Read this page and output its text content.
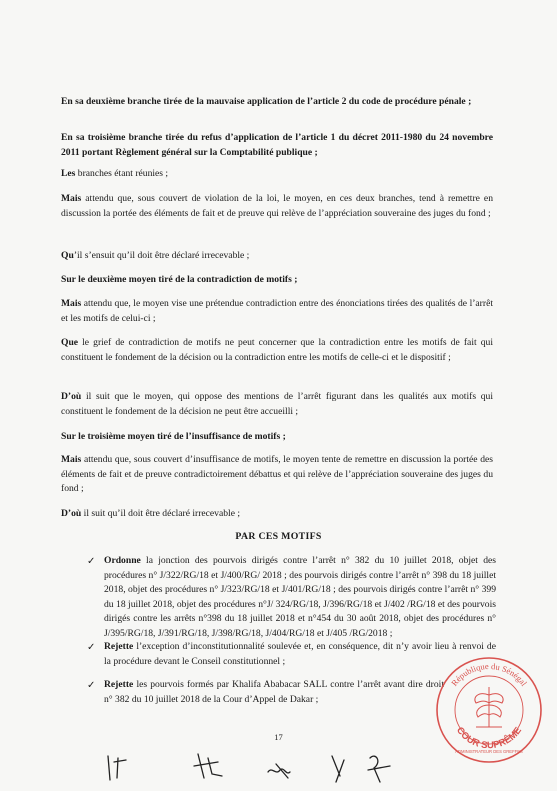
En sa deuxième branche tirée de la mauvaise application de l’article 2 du code de procédure pénale ;

En sa troisième branche tirée du refus d’application de l’article 1 du décret 2011-1980 du 24 novembre 2011 portant Règlement général sur la Comptabilité publique ;

Les branches étant réunies ;

Mais attendu que, sous couvert de violation de la loi, le moyen, en ces deux branches, tend à remettre en discussion la portée des éléments de fait et de preuve qui relève de l’appréciation souveraine des juges du fond ;

Qu’il s’ensuit qu’il doit être déclaré irrecevable ;

Sur le deuxième moyen tiré de la contradiction de motifs ;

Mais attendu que, le moyen vise une prétendue contradiction entre des énonciations tirées des qualités de l’arrêt et les motifs de celui-ci ;

Que le grief de contradiction de motifs ne peut concerner que la contradiction entre les motifs de fait qui constituent le fondement de la décision ou la contradiction entre les motifs de celle-ci et le dispositif ;

D’où il suit que le moyen, qui oppose des mentions de l’arrêt figurant dans les qualités aux motifs qui constituent le fondement de la décision ne peut être accueilli ;

Sur le troisième moyen tiré de l’insuffisance de motifs ;

Mais attendu que, sous couvert d’insuffisance de motifs, le moyen tente de remettre en discussion la portée des éléments de fait et de preuve contradictoirement débattus et qui relève de l’appréciation souveraine des juges du fond ;

D’où il suit qu’il doit être déclaré irrecevable ;

PAR CES MOTIFS
✓ Ordonne la jonction des pourvois dirigés contre l’arrêt n° 382 du 10 juillet 2018, objet des procédures n° J/322/RG/18 et J/400/RG/ 2018 ; des pourvois dirigés contre l’arrêt n° 398 du 18 juillet 2018, objet des procédures n° J/323/RG/18 et J/401/RG/18 ; des pourvois dirigés contre l’arrêt n° 399 du 18 juillet 2018, objet des procédures n°J/ 324/RG/18, J/396/RG/18 et J/402 /RG/18 et des pourvois dirigés contre les arrêts n°398 du 18 juillet 2018 et n°454 du 30 août 2018, objet des procédures n° J/395/RG/18, J/391/RG/18, J/398/RG/18, J/404/RG/18 et J/405 /RG/2018 ;

✓ Rejette l’exception d’inconstitutionnalité soulevée et, en conséquence, dit n’y avoir lieu à renvoi de la procédure devant le Conseil constitutionnel ;

✓ Rejette les pourvois formés par Khalifa Ababacar SALL contre l’arrêt avant dire droit n° 382 du 10 juillet 2018 de la Cour d’Appel de Dakar ;

17
République du Sénégal
COUR SUPRÊME
ADMINISTRATEUR DES GREFFES
